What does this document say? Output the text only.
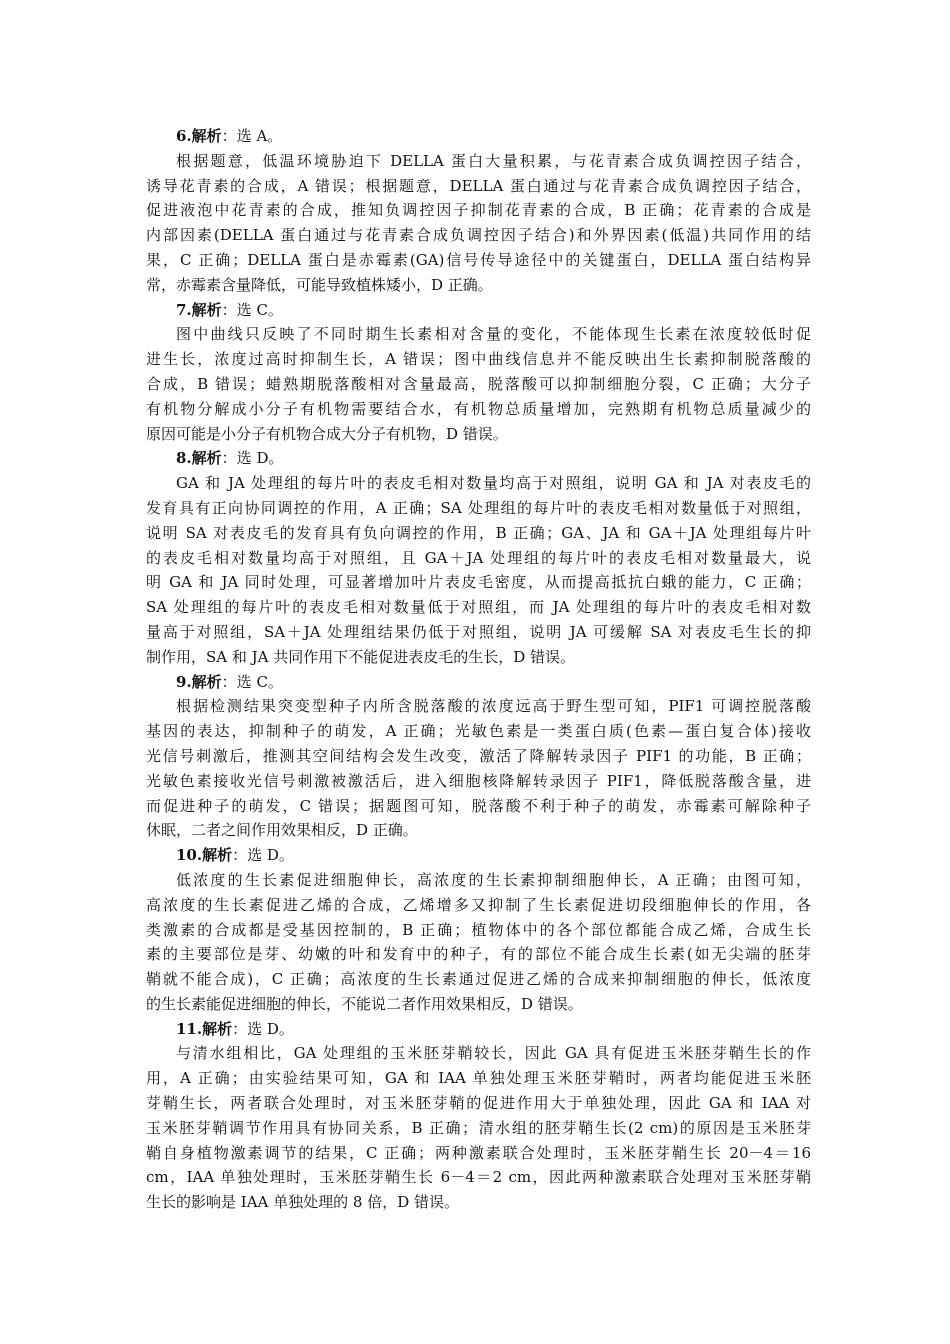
6.解析：选 A。
根据题意，低温环境胁迫下 DELLA 蛋白大量积累，与花青素合成负调控因子结合，
诱导花青素的合成，A 错误；根据题意，DELLA 蛋白通过与花青素合成负调控因子结合，
促进液泡中花青素的合成，推知负调控因子抑制花青素的合成，B 正确；花青素的合成是
内部因素(DELLA 蛋白通过与花青素合成负调控因子结合)和外界因素(低温)共同作用的结
果，C 正确；DELLA 蛋白是赤霉素(GA)信号传导途径中的关键蛋白，DELLA 蛋白结构异
常，赤霉素含量降低，可能导致植株矮小，D 正确。
7.解析：选 C。
图中曲线只反映了不同时期生长素相对含量的变化，不能体现生长素在浓度较低时促
进生长，浓度过高时抑制生长，A 错误；图中曲线信息并不能反映出生长素抑制脱落酸的
合成，B 错误；蜡熟期脱落酸相对含量最高，脱落酸可以抑制细胞分裂，C 正确；大分子
有机物分解成小分子有机物需要结合水，有机物总质量增加，完熟期有机物总质量减少的
原因可能是小分子有机物合成大分子有机物，D 错误。
8.解析：选 D。
GA 和 JA 处理组的每片叶的表皮毛相对数量均高于对照组，说明 GA 和 JA 对表皮毛的
发育具有正向协同调控的作用，A 正确；SA 处理组的每片叶的表皮毛相对数量低于对照组，
说明 SA 对表皮毛的发育具有负向调控的作用，B 正确；GA、JA 和 GA＋JA 处理组每片叶
的表皮毛相对数量均高于对照组，且 GA＋JA 处理组的每片叶的表皮毛相对数量最大，说
明 GA 和 JA 同时处理，可显著增加叶片表皮毛密度，从而提高抵抗白蛾的能力，C 正确；
SA 处理组的每片叶的表皮毛相对数量低于对照组，而 JA 处理组的每片叶的表皮毛相对数
量高于对照组，SA＋JA 处理组结果仍低于对照组，说明 JA 可缓解 SA 对表皮毛生长的抑
制作用，SA 和 JA 共同作用下不能促进表皮毛的生长，D 错误。
9.解析：选 C。
根据检测结果突变型种子内所含脱落酸的浓度远高于野生型可知，PIF1 可调控脱落酸
基因的表达，抑制种子的萌发，A 正确；光敏色素是一类蛋白质(色素—蛋白复合体)接收
光信号刺激后，推测其空间结构会发生改变，激活了降解转录因子 PIF1 的功能，B 正确；
光敏色素接收光信号刺激被激活后，进入细胞核降解转录因子 PIF1，降低脱落酸含量，进
而促进种子的萌发，C 错误；据题图可知，脱落酸不利于种子的萌发，赤霉素可解除种子
休眠，二者之间作用效果相反，D 正确。
10.解析：选 D。
低浓度的生长素促进细胞伸长，高浓度的生长素抑制细胞伸长，A 正确；由图可知，
高浓度的生长素促进乙烯的合成，乙烯增多又抑制了生长素促进切段细胞伸长的作用，各
类激素的合成都是受基因控制的，B 正确；植物体中的各个部位都能合成乙烯，合成生长
素的主要部位是芽、幼嫩的叶和发育中的种子，有的部位不能合成生长素(如无尖端的胚芽
鞘就不能合成)，C 正确；高浓度的生长素通过促进乙烯的合成来抑制细胞的伸长，低浓度
的生长素能促进细胞的伸长，不能说二者作用效果相反，D 错误。
11.解析：选 D。
与清水组相比，GA 处理组的玉米胚芽鞘较长，因此 GA 具有促进玉米胚芽鞘生长的作
用，A 正确；由实验结果可知，GA 和 IAA 单独处理玉米胚芽鞘时，两者均能促进玉米胚
芽鞘生长，两者联合处理时，对玉米胚芽鞘的促进作用大于单独处理，因此 GA 和 IAA 对
玉米胚芽鞘调节作用具有协同关系，B 正确；清水组的胚芽鞘生长(2 cm)的原因是玉米胚芽
鞘自身植物激素调节的结果，C 正确；两种激素联合处理时，玉米胚芽鞘生长 20－4＝16
cm，IAA 单独处理时，玉米胚芽鞘生长 6－4＝2 cm，因此两种激素联合处理对玉米胚芽鞘
生长的影响是 IAA 单独处理的 8 倍，D 错误。
